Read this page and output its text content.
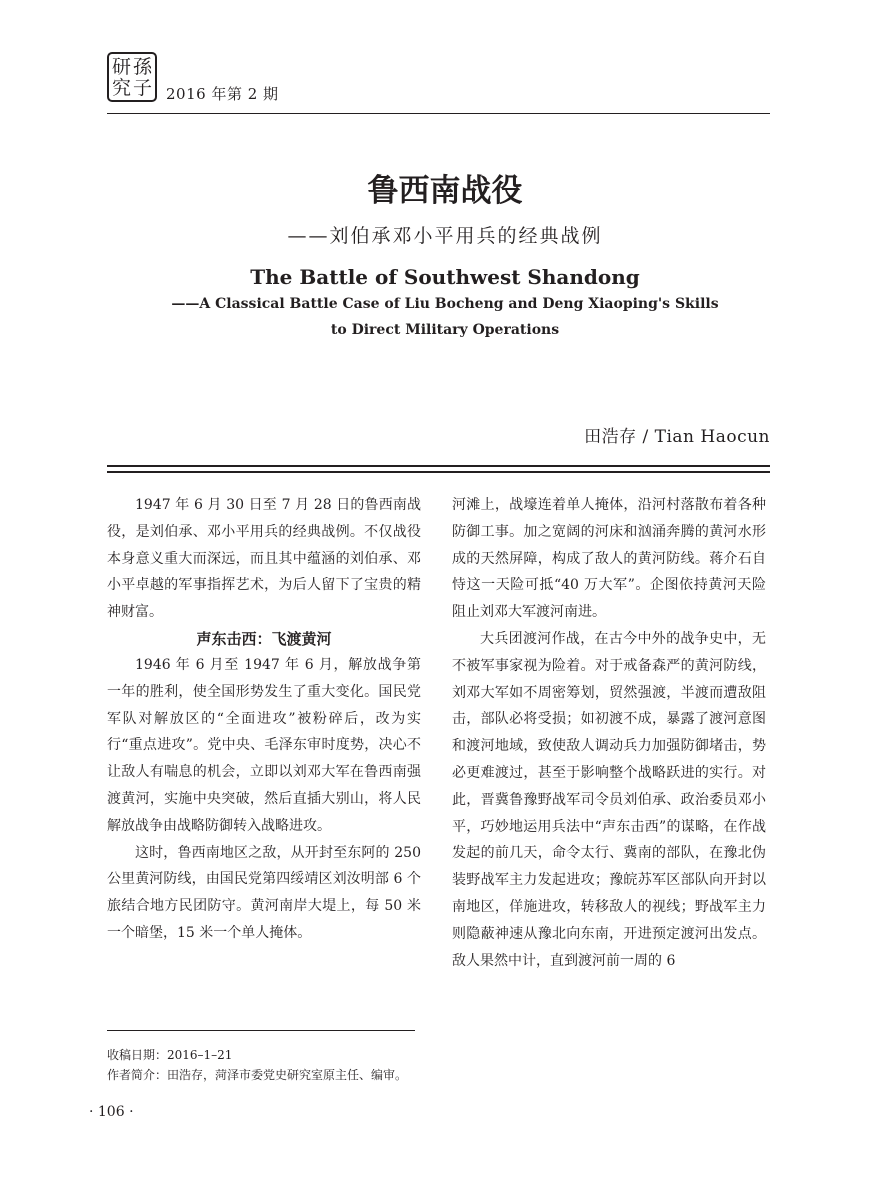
研
究
孫
子 2016 年第 2 期
鲁西南战役
——刘伯承邓小平用兵的经典战例
The Battle of Southwest Shandong
——A Classical Battle Case of Liu Bocheng and Deng Xiaoping's Skills
to Direct Military Operations
田浩存 / Tian Haocun

1947 年 6 月 30 日至 7 月 28 日的鲁西南战役，是刘伯承、邓小平用兵的经典战例。不仅战役本身意义重大而深远，而且其中蕴涵的刘伯承、邓小平卓越的军事指挥艺术，为后人留下了宝贵的精神财富。

声东击西：飞渡黄河

1946 年 6 月至 1947 年 6 月，解放战争第一年的胜利，使全国形势发生了重大变化。国民党军队对解放区的“全面进攻”被粉碎后，改为实行“重点进攻”。党中央、毛泽东审时度势，决心不让敌人有喘息的机会，立即以刘邓大军在鲁西南强渡黄河，实施中央突破，然后直插大别山，将人民解放战争由战略防御转入战略进攻。

这时，鲁西南地区之敌，从开封至东阿的 250 公里黄河防线，由国民党第四绥靖区刘汝明部 6 个旅结合地方民团防守。黄河南岸大堤上，每 50 米一个暗堡，15 米一个单人掩体。

河滩上，战壕连着单人掩体，沿河村落散布着各种防御工事。加之宽阔的河床和汹涌奔腾的黄河水形成的天然屏障，构成了敌人的黄河防线。蒋介石自恃这一天险可抵“40 万大军”。企图依持黄河天险阻止刘邓大军渡河南进。

大兵团渡河作战，在古今中外的战争史中，无不被军事家视为险着。对于戒备森严的黄河防线，刘邓大军如不周密筹划，贸然强渡，半渡而遭敌阻击，部队必将受损；如初渡不成，暴露了渡河意图和渡河地域，致使敌人调动兵力加强防御堵击，势必更难渡过，甚至于影响整个战略跃进的实行。对此，晋冀鲁豫野战军司令员刘伯承、政治委员邓小平，巧妙地运用兵法中“声东击西”的谋略，在作战发起的前几天，命令太行、冀南的部队，在豫北伪装野战军主力发起进攻；豫皖苏军区部队向开封以南地区，佯施进攻，转移敌人的视线；野战军主力则隐蔽神速从豫北向东南，开进预定渡河出发点。敌人果然中计，直到渡河前一周的 6

收稿日期：2016–1–21
作者简介：田浩存，菏泽市委党史研究室原主任、编审。
· 106 ·
